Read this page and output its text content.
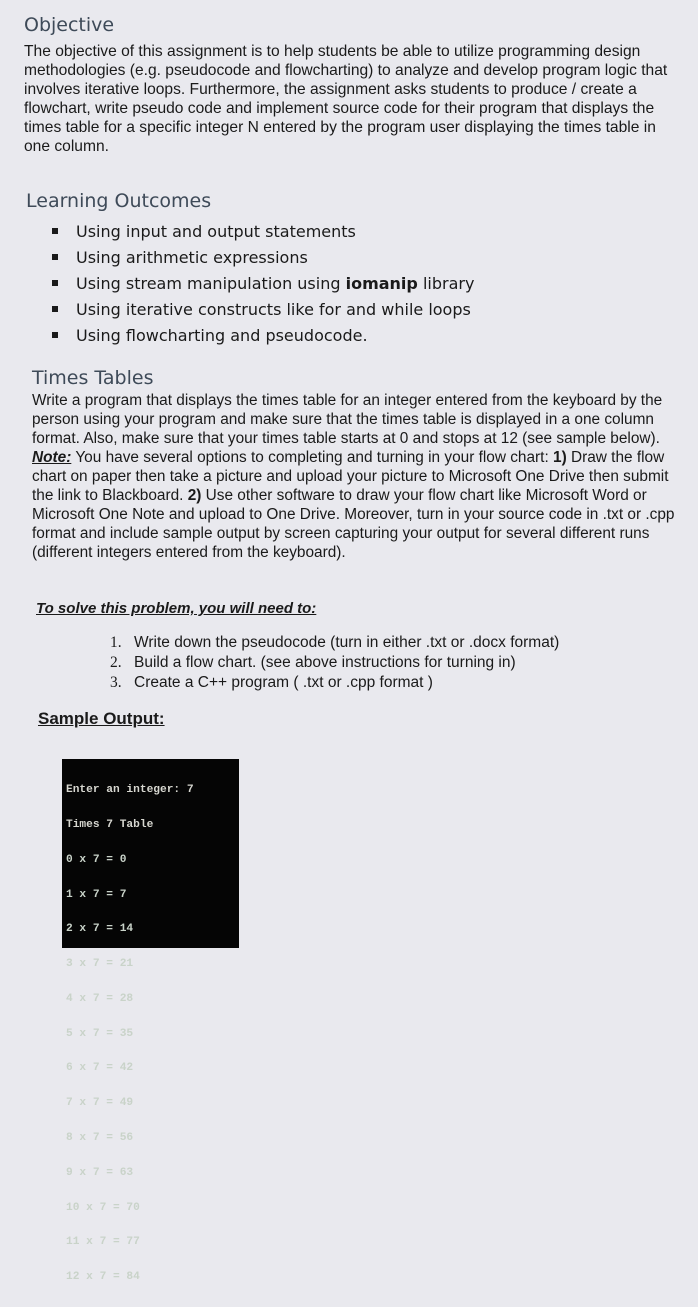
Objective

The objective of this assignment is to help students be able to utilize programming design methodologies (e.g. pseudocode and flowcharting) to analyze and develop program logic that involves iterative loops. Furthermore, the assignment asks students to produce / create a flowchart, write pseudo code and implement source code for their program that displays the times table for a specific integer N entered by the program user displaying the times table in one column.

Learning Outcomes
Using input and output statements
Using arithmetic expressions
Using stream manipulation using iomanip library
Using iterative constructs like for and while loops
Using flowcharting and pseudocode.
Times Tables

Write a program that displays the times table for an integer entered from the keyboard by the person using your program and make sure that the times table is displayed in a one column format. Also, make sure that your times table starts at 0 and stops at 12 (see sample below). Note: You have several options to completing and turning in your flow chart: 1) Draw the flow chart on paper then take a picture and upload your picture to Microsoft One Drive then submit the link to Blackboard. 2) Use other software to draw your flow chart like Microsoft Word or Microsoft One Note and upload to One Drive. Moreover, turn in your source code in .txt or .cpp format and include sample output by screen capturing your output for several different runs (different integers entered from the keyboard).

To solve this problem, you will need to:
1. Write down the pseudocode (turn in either .txt or .docx format)
2. Build a flow chart. (see above instructions for turning in)
3. Create a C++ program ( .txt or .cpp format )
Sample Output:

Enter an integer: 7

Times 7 Table

0 x 7 = 0

1 x 7 = 7

2 x 7 = 14

3 x 7 = 21

4 x 7 = 28

5 x 7 = 35

6 x 7 = 42

7 x 7 = 49

8 x 7 = 56

9 x 7 = 63

10 x 7 = 70

11 x 7 = 77

12 x 7 = 84
